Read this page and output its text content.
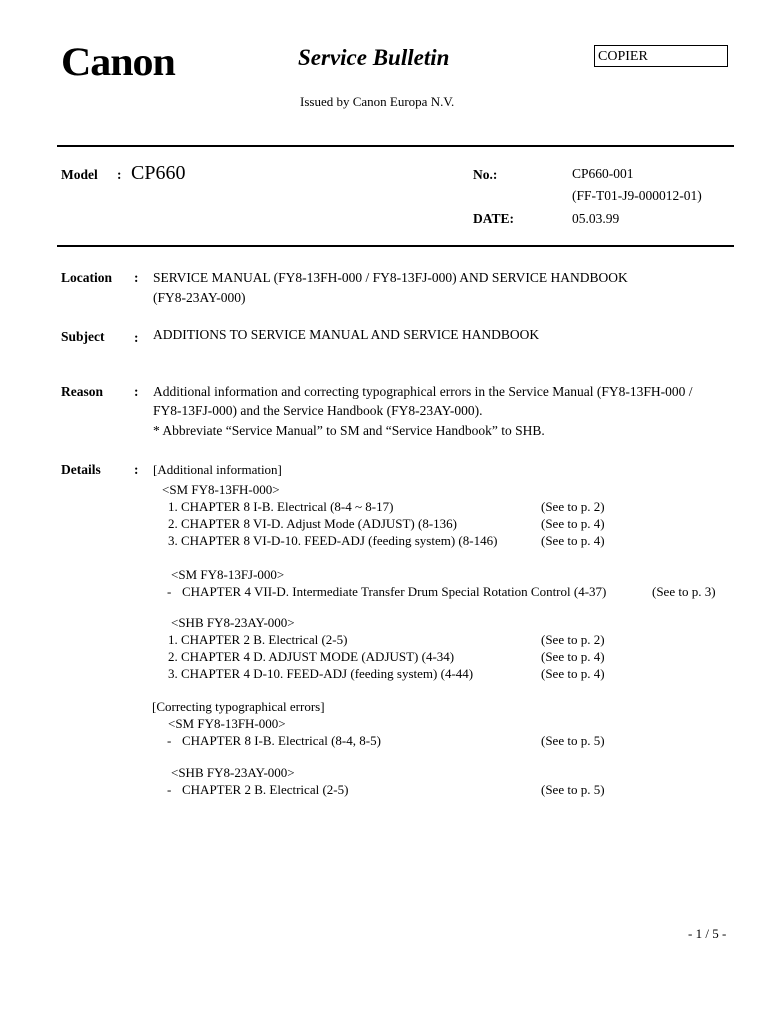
Canon	Service Bulletin	COPIER
Issued by Canon Europa N.V.
Model : CP660	No.:	CP660-001
(FF-T01-J9-000012-01)
DATE:	05.03.99
Location : SERVICE MANUAL (FY8-13FH-000 / FY8-13FJ-000) AND SERVICE HANDBOOK
(FY8-23AY-000)
Subject : ADDITIONS TO SERVICE MANUAL AND SERVICE HANDBOOK
Reason : Additional information and correcting typographical errors in the Service Manual (FY8-13FH-000 /
FY8-13FJ-000) and the Service Handbook (FY8-23AY-000).
* Abbreviate “Service Manual” to SM and “Service Handbook” to SHB.
Details : [Additional information]
<SM FY8-13FH-000>
1. CHAPTER 8 I-B. Electrical (8-4 ~ 8-17)	(See to p. 2)
2. CHAPTER 8 VI-D. Adjust Mode (ADJUST) (8-136)	(See to p. 4)
3. CHAPTER 8 VI-D-10. FEED-ADJ (feeding system) (8-146)	(See to p. 4)
<SM FY8-13FJ-000>
- CHAPTER 4 VII-D. Intermediate Transfer Drum Special Rotation Control (4-37)	(See to p. 3)
<SHB FY8-23AY-000>
1. CHAPTER 2 B. Electrical (2-5)	(See to p. 2)
2. CHAPTER 4 D. ADJUST MODE (ADJUST) (4-34)	(See to p. 4)
3. CHAPTER 4 D-10. FEED-ADJ (feeding system) (4-44)	(See to p. 4)
[Correcting typographical errors]
<SM FY8-13FH-000>
- CHAPTER 8 I-B. Electrical (8-4, 8-5)	(See to p. 5)
<SHB FY8-23AY-000>
- CHAPTER 2 B. Electrical (2-5)	(See to p. 5)
- 1 / 5 -
